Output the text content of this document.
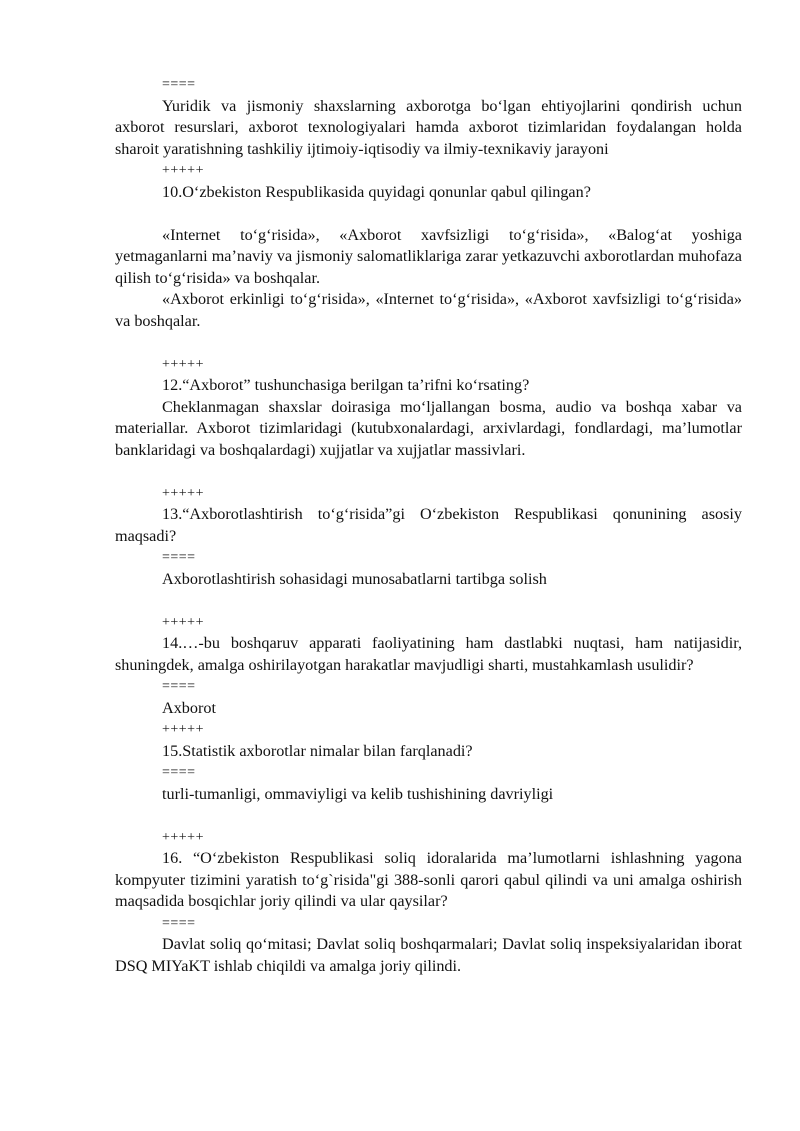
====

Yuridik va jismoniy shaxslarning axborotga bo‘lgan ehtiyojlarini qondirish uchun axborot resurslari, axborot texnologiyalari hamda axborot tizimlaridan foydalangan holda sharoit yaratishning tashkiliy ijtimoiy-iqtisodiy va ilmiy-texnikaviy jarayoni

+++++

10.O‘zbekiston Respublikasida quyidagi qonunlar qabul qilingan?

«Internet to‘g‘risida», «Axborot xavfsizligi to‘g‘risida», «Balog‘at yoshiga yetmaganlarni ma’naviy va jismoniy salomatliklariga zarar yetkazuvchi axborotlardan muhofaza qilish to‘g‘risida» va boshqalar.

«Axborot erkinligi to‘g‘risida», «Internet to‘g‘risida», «Axborot xavfsizligi to‘g‘risida» va boshqalar.

+++++

12.“Axborot” tushunchasiga berilgan ta’rifni ko‘rsating?

Cheklanmagan shaxslar doirasiga mo‘ljallangan bosma, audio va boshqa xabar va materiallar. Axborot tizimlaridagi (kutubxonalardagi, arxivlardagi, fondlardagi, ma’lumotlar banklaridagi va boshqalardagi) xujjatlar va xujjatlar massivlari.

+++++

13.“Axborotlashtirish to‘g‘risida”gi O‘zbekiston Respublikasi qonunining asosiy maqsadi?

====

Axborotlashtirish sohasidagi munosabatlarni tartibga solish

+++++

14.…-bu boshqaruv apparati faoliyatining ham dastlabki nuqtasi, ham natijasidir, shuningdek, amalga oshirilayotgan harakatlar mavjudligi sharti, mustahkamlash usulidir?

====

Axborot

+++++

15.Statistik axborotlar nimalar bilan farqlanadi?

====

turli-tumanligi, ommaviyligi va kelib tushishining davriyligi

+++++

16. “O‘zbekiston Respublikasi soliq idoralarida ma’lumotlarni ishlashning yagona kompyuter tizimini yaratish to‘g`risida"gi 388-sonli qarori qabul qilindi va uni amalga oshirish maqsadida bosqichlar joriy qilindi va ular qaysilar?

====

Davlat soliq qo‘mitasi; Davlat soliq boshqarmalari; Davlat soliq inspeksiyalaridan iborat DSQ MIYaKT ishlab chiqildi va amalga joriy qilindi.
